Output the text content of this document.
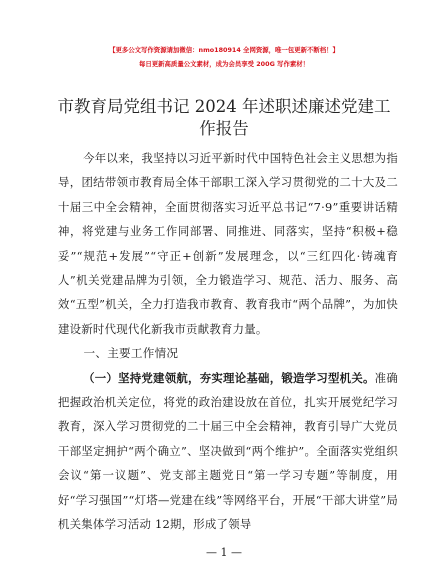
【更多公文写作资源请加微信：nmo180914 全网资源，唯一包更新不断档！】
每日更新高质量公文素材，成为会员享受 200G 写作素材！
市教育局党组书记 2024 年述职述廉述党建工作报告

今年以来，我坚持以习近平新时代中国特色社会主义思想为指导，团结带领市教育局全体干部职工深入学习贯彻党的二十大及二十届三中全会精神，全面贯彻落实习近平总书记“7·9”重要讲话精神，将党建与业务工作同部署、同推进、同落实，坚持“积极+稳妥”“规范+发展”“守正+创新”发展理念，以“三红四化·铸魂育人”机关党建品牌为引领，全力锻造学习、规范、活力、服务、高效“五型”机关，全力打造我市教育、教育我市“两个品牌”，为加快建设新时代现代化新我市贡献教育力量。

一、主要工作情况

（一）坚持党建领航，夯实理论基础，锻造学习型机关。准确把握政治机关定位，将党的政治建设放在首位，扎实开展党纪学习教育，深入学习贯彻党的二十届三中全会精神，教育引导广大党员干部坚定拥护“两个确立”、坚决做到“两个维护”。全面落实党组织会议“第一议题”、党支部主题党日“第一学习专题”等制度，用好“学习强国”“灯塔—党建在线”等网络平台，开展“干部大讲堂”局机关集体学习活动 12期，形成了领导

— 1 —
